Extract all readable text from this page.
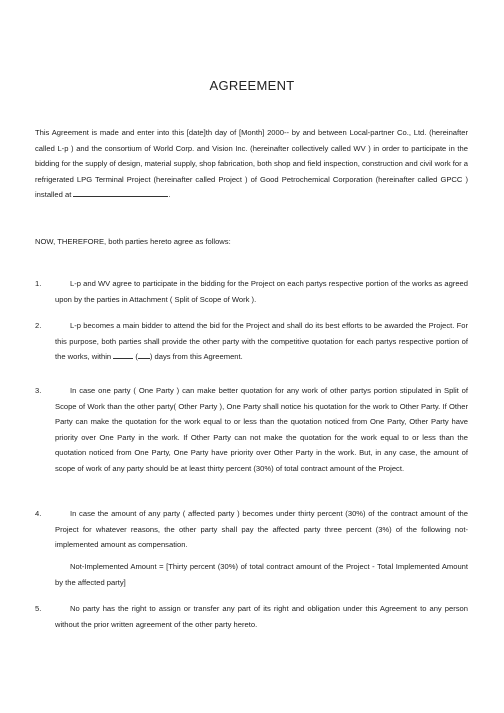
AGREEMENT
This Agreement is made and enter into this [date]th day of [Month] 2000-- by and between Local-partner Co., Ltd. (hereinafter called L-p ) and the consortium of World Corp. and Vision Inc. (hereinafter collectively called WV ) in order to participate in the bidding for the supply of design, material supply, shop fabrication, both shop and field inspection, construction and civil work for a refrigerated LPG Terminal Project (hereinafter called Project ) of Good Petrochemical Corporation (hereinafter called GPCC ) installed at	.
NOW, THEREFORE, both parties hereto agree as follows:
1.	L-p and WV agree to participate in the bidding for the Project on each partys respective portion of the works as agreed upon by the parties in Attachment ( Split of Scope of Work ).
2.	L-p becomes a main bidder to attend the bid for the Project and shall do its best efforts to be awarded the Project. For this purpose, both parties shall provide the other party with the competitive quotation for each partys respective portion of the works, within	( ) days from this Agreement.
3.	In case one party ( One Party ) can make better quotation for any work of other partys portion stipulated in Split of Scope of Work than the other party( Other Party ), One Party shall notice his quotation for the work to Other Party. If Other Party can make the quotation for the work equal to or less than the quotation noticed from One Party, Other Party have priority over One Party in the work. If Other Party can not make the quotation for the work equal to or less than the quotation noticed from One Party, One Party have priority over Other Party in the work. But, in any case, the amount of scope of work of any party should be at least thirty percent (30%) of total contract amount of the Project.
4.	In case the amount of any party ( affected party ) becomes under thirty percent (30%) of the contract amount of the Project for whatever reasons, the other party shall pay the affected party three percent (3%) of the following not-implemented amount as compensation.
Not-Implemented Amount = [Thirty percent (30%) of total contract amount of the Project - Total Implemented Amount by the affected party]
5.	No party has the right to assign or transfer any part of its right and obligation under this Agreement to any person without the prior written agreement of the other party hereto.
